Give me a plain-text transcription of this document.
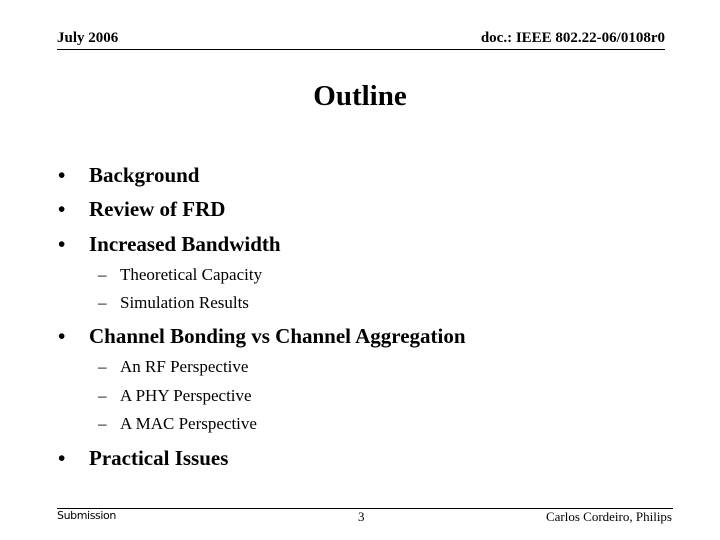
July 2006	doc.: IEEE 802.22-06/0108r0
Outline
• Background
• Review of FRD
• Increased Bandwidth
– Theoretical Capacity
– Simulation Results
• Channel Bonding vs Channel Aggregation
– An RF Perspective
– A PHY Perspective
– A MAC Perspective
• Practical Issues
Submission	3	Carlos Cordeiro, Philips
